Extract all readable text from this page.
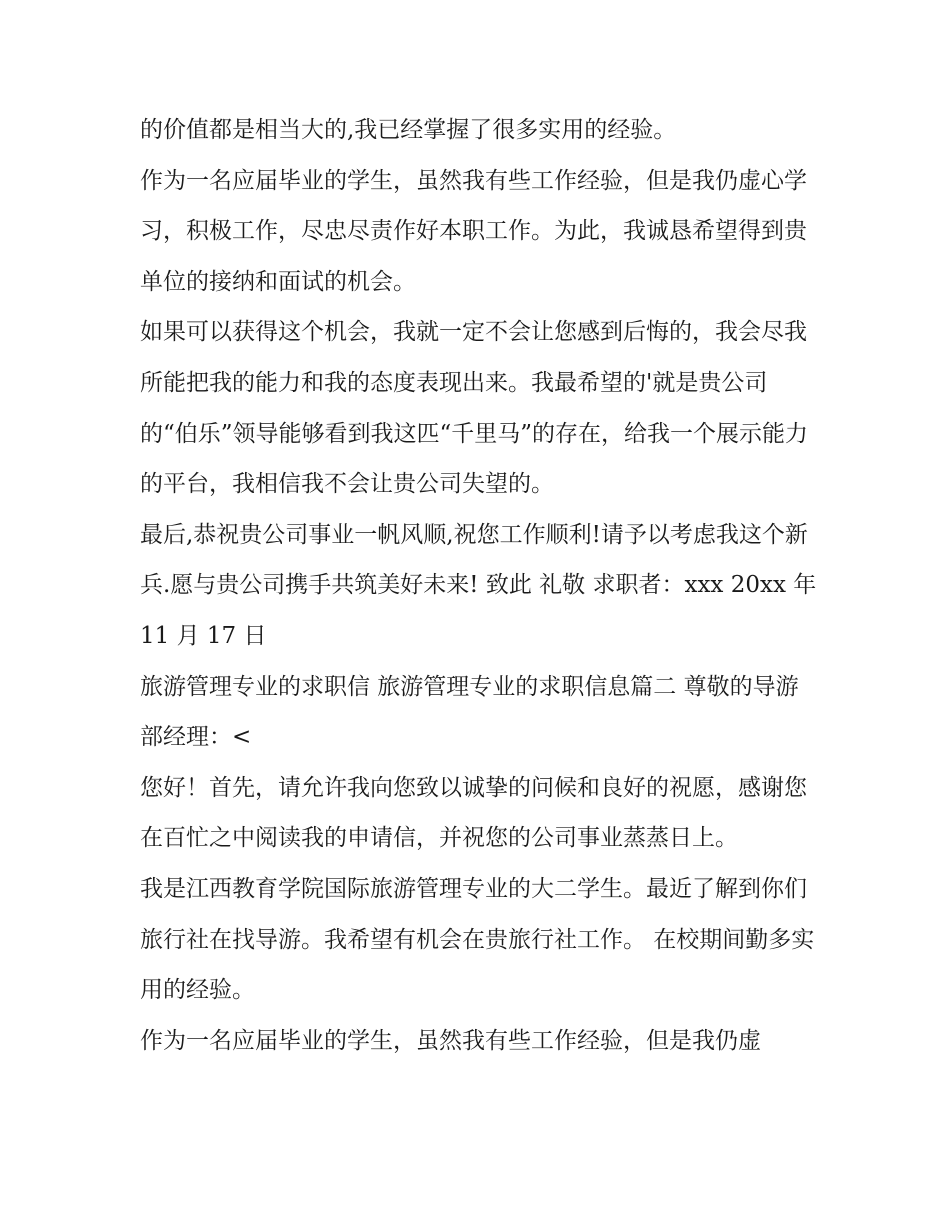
的价值都是相当大的,我已经掌握了很多实用的经验。

作为一名应届毕业的学生，虽然我有些工作经验，但是我仍虚心学习，积极工作，尽忠尽责作好本职工作。为此，我诚恳希望得到贵单位的接纳和面试的机会。

如果可以获得这个机会，我就一定不会让您感到后悔的，我会尽我所能把我的能力和我的态度表现出来。我最希望的'就是贵公司的“伯乐”领导能够看到我这匹“千里马”的存在，给我一个展示能力的平台，我相信我不会让贵公司失望的。

最后,恭祝贵公司事业一帆风顺,祝您工作顺利!请予以考虑我这个新兵.愿与贵公司携手共筑美好未来! 致此 礼敬 求职者：xxx 20xx 年 11 月 17 日

旅游管理专业的求职信 旅游管理专业的求职信息篇二 尊敬的导游部经理：<

您好！首先，请允许我向您致以诚挚的问候和良好的祝愿，感谢您在百忙之中阅读我的申请信，并祝您的公司事业蒸蒸日上。

我是江西教育学院国际旅游管理专业的大二学生。最近了解到你们旅行社在找导游。我希望有机会在贵旅行社工作。 在校期间勤多实用的经验。

作为一名应届毕业的学生，虽然我有些工作经验，但是我仍虚
